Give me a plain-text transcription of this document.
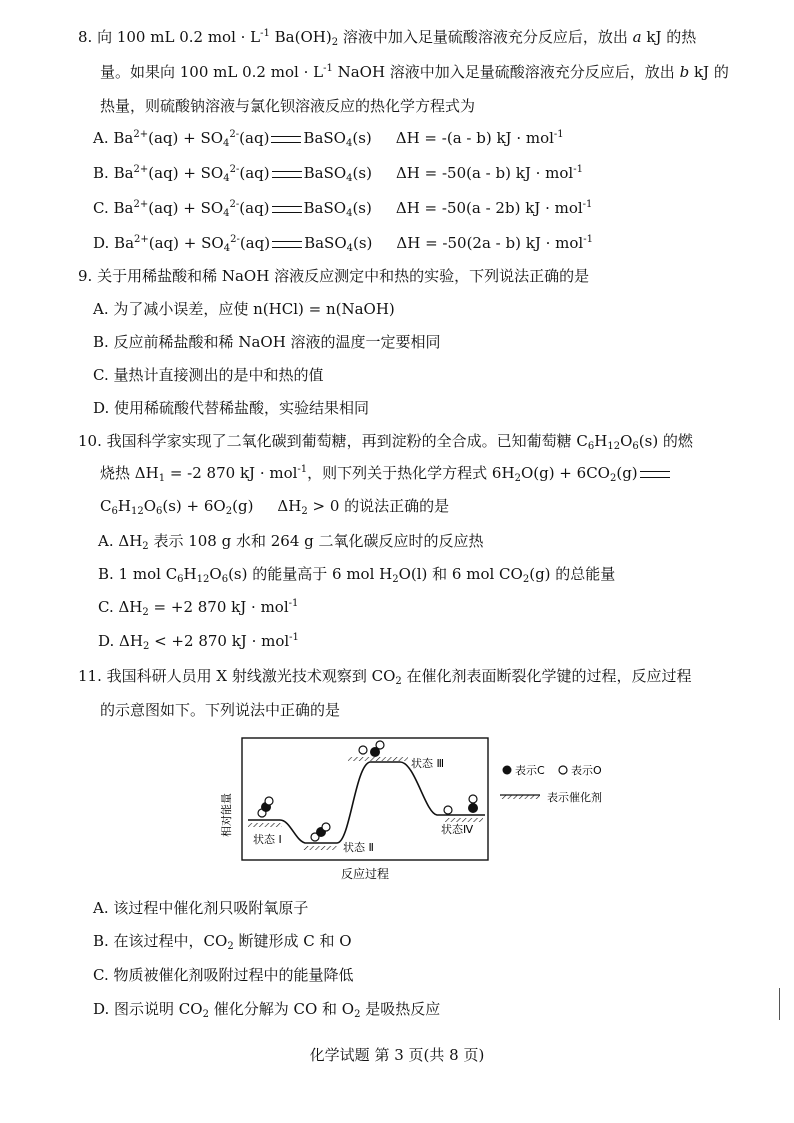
8. 向 100 mL 0.2 mol · $L^{-1}$ $Ba(OH)_2$ 溶液中加入足量硫酸溶液充分反应后，放出 a kJ 的热
量。如果向 100 mL 0.2 mol · $L^{-1}$ NaOH 溶液中加入足量硫酸溶液充分反应后，放出 b kJ 的
热量，则硫酸钠溶液与氯化钡溶液反应的热化学方程式为
A. $Ba^{2+}(aq) + SO_4^{2-}(aq)$ BaSO$_4$(s) ΔH = -(a - b) kJ · mol$^{-1}$
B. $Ba^{2+}(aq) + SO_4^{2-}(aq)$ BaSO$_4$(s) ΔH = -50(a - b) kJ · mol$^{-1}$
C. $Ba^{2+}(aq) + SO_4^{2-}(aq)$ BaSO$_4$(s) ΔH = -50(a - 2b) kJ · mol$^{-1}$
D. $Ba^{2+}(aq) + SO_4^{2-}(aq)$ BaSO$_4$(s) ΔH = -50(2a - b) kJ · mol$^{-1}$
9. 关于用稀盐酸和稀 NaOH 溶液反应测定中和热的实验，下列说法正确的是
A. 为了减小误差，应使 n(HCl) = n(NaOH)
B. 反应前稀盐酸和稀 NaOH 溶液的温度一定要相同
C. 量热计直接测出的是中和热的值
D. 使用稀硫酸代替稀盐酸，实验结果相同
10. 我国科学家实现了二氧化碳到葡萄糖，再到淀粉的全合成。已知葡萄糖 $C_6H_{12}O_6(s)$ 的燃
烧热 $\Delta H_1 = -2$ 870 kJ · mol$^{-1}$，则下列关于热化学方程式 $6H_2O(g) + 6CO_2(g)$
$C_6H_{12}O_6(s) + 6O_2(g) \Delta H_2 > 0$ 的说法正确的是
A. $\Delta H_2$ 表示 108 g 水和 264 g 二氧化碳反应时的反应热
B. 1 mol $C_6H_{12}O_6(s)$ 的能量高于 6 mol $H_2O(l)$ 和 6 mol $CO_2(g)$ 的总能量
C. $\Delta H_2 = +2$ 870 kJ · mol$^{-1}$
D. $\Delta H_2 < +2$ 870 kJ · mol$^{-1}$
11. 我国科研人员用 X 射线激光技术观察到 $CO_2$ 在催化剂表面断裂化学键的过程，反应过程
的示意图如下。下列说法中正确的是
相对能量
反应过程
状态 Ⅰ
状态 Ⅱ
状态 Ⅲ
状态Ⅳ
表示C 表示O
表示催化剂
A. 该过程中催化剂只吸附氧原子
B. 在该过程中，$CO_2$ 断键形成 C 和 O
C. 物质被催化剂吸附过程中的能量降低
D. 图示说明 $CO_2$ 催化分解为 CO 和 $O_2$ 是吸热反应
化学试题 第 3 页(共 8 页)
